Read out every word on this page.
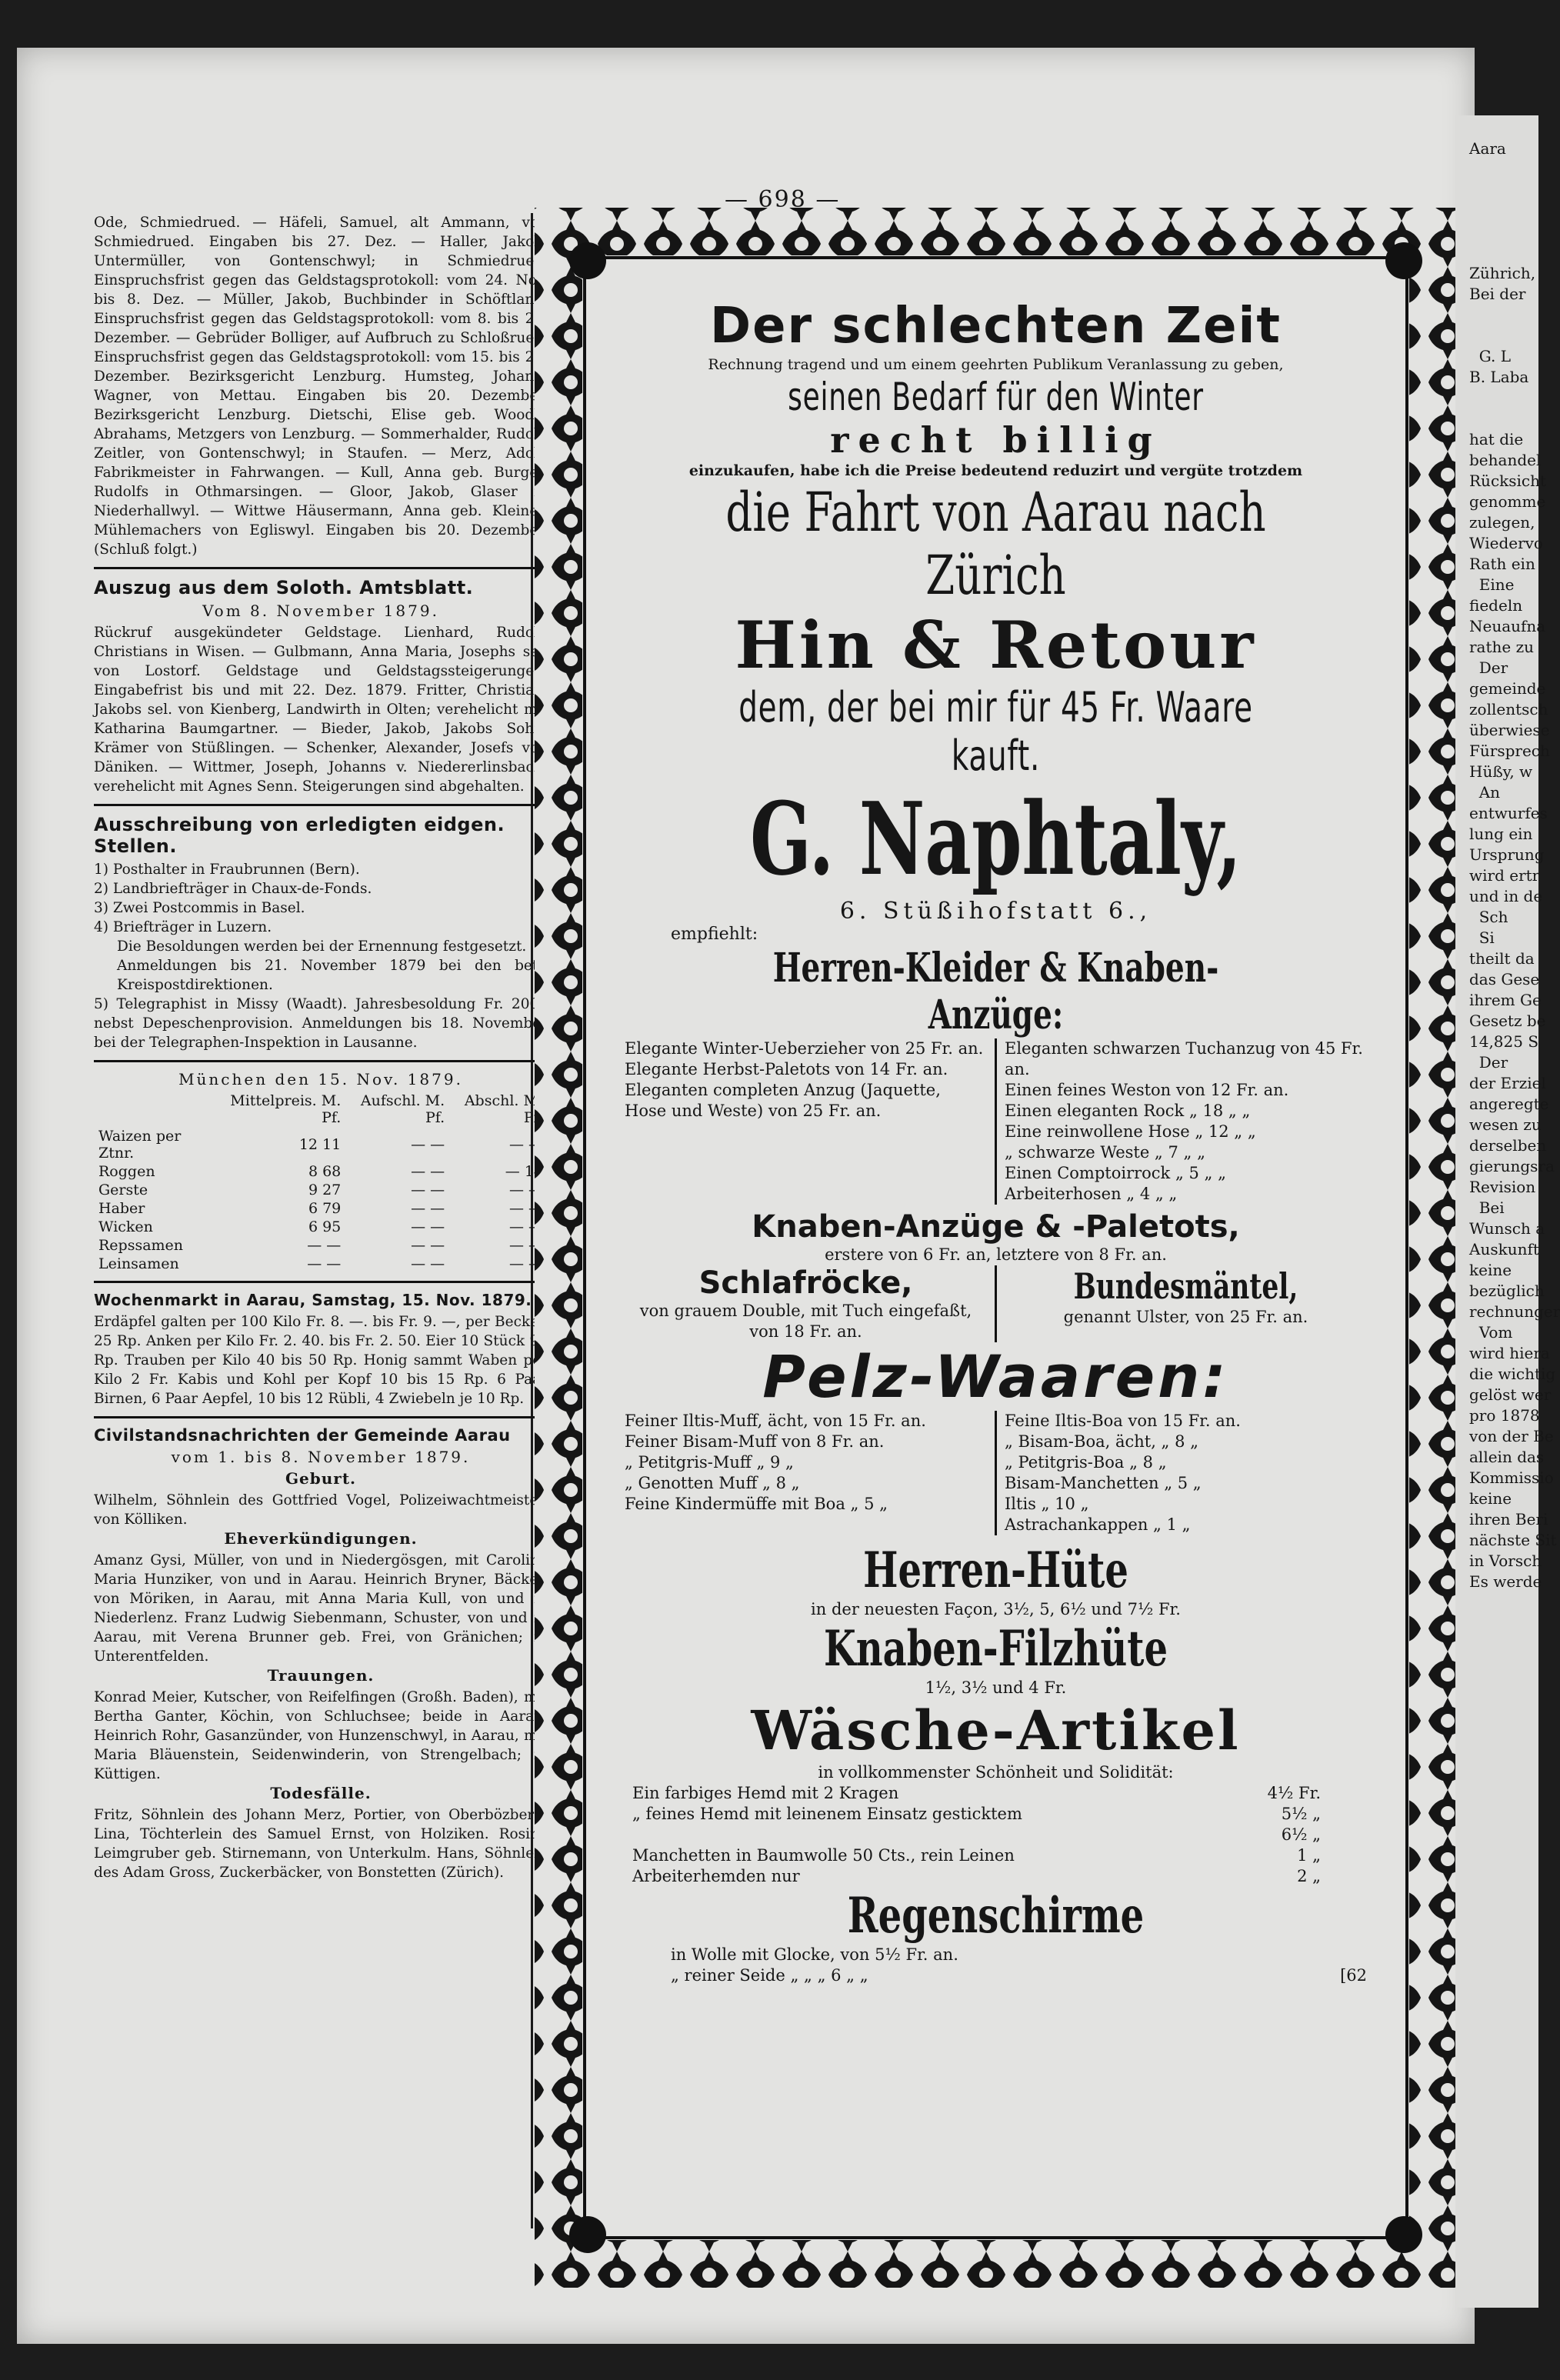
— 698 —
Ode, Schmiedrued. — Häfeli, Samuel, alt Ammann, von Schmiedrued. Eingaben bis 27. Dez. — Haller, Jakob, Untermüller, von Gontenschwyl; in Schmiedrued. Einspruchsfrist gegen das Geldstagsprotokoll: vom 24. Nov. bis 8. Dez. — Müller, Jakob, Buchbinder in Schöftland. Einspruchsfrist gegen das Geldstagsprotokoll: vom 8. bis 22. Dezember. — Gebrüder Bolliger, auf Aufbruch zu Schloßrued. Einspruchsfrist gegen das Geldstagsprotokoll: vom 15. bis 29. Dezember. Bezirksgericht Lenzburg. Humsteg, Johann, Wagner, von Mettau. Eingaben bis 20. Dezember. Bezirksgericht Lenzburg. Dietschi, Elise geb. Woodli, Abrahams, Metzgers von Lenzburg. — Sommerhalder, Rudolf, Zeitler, von Gontenschwyl; in Staufen. — Merz, Adolf, Fabrikmeister in Fahrwangen. — Kull, Anna geb. Burger, Rudolfs in Othmarsingen. — Gloor, Jakob, Glaser in Niederhallwyl. — Wittwe Häusermann, Anna geb. Kleiner, Mühlemachers von Egliswyl. Eingaben bis 20. Dezember. (Schluß folgt.)
Auszug aus dem Soloth. Amtsblatt.
Vom 8. November 1879.
Rückruf ausgekündeter Geldstage. Lienhard, Rudolf, Christians in Wisen. — Gulbmann, Anna Maria, Josephs sel. von Lostorf. Geldstage und Geldstagssteigerungen. Eingabefrist bis und mit 22. Dez. 1879. Fritter, Christian, Jakobs sel. von Kienberg, Landwirth in Olten; verehelicht mit Katharina Baumgartner. — Bieder, Jakob, Jakobs Sohn, Krämer von Stüßlingen. — Schenker, Alexander, Josefs von Däniken. — Wittmer, Joseph, Johanns v. Niedererlinsbach; verehelicht mit Agnes Senn. Steigerungen sind abgehalten.
Ausschreibung von erledigten eidgen. Stellen.
1) Posthalter in Fraubrunnen (Bern).
2) Landbriefträger in Chaux-de-Fonds.
3) Zwei Postcommis in Basel.
4) Briefträger in Luzern.
Die Besoldungen werden bei der Ernennung festgesetzt.
Anmeldungen bis 21. November 1879 bei den betr. Kreispostdirektionen.
5) Telegraphist in Missy (Waadt). Jahresbesoldung Fr. 200., nebst Depeschenprovision. Anmeldungen bis 18. November bei der Telegraphen-Inspektion in Lausanne.
München den 15. Nov. 1879.
	Mittelpreis. M. Pf.	Aufschl. M. Pf.	Abschl. M. Pf.
Waizen per Ztnr.	12 11	— —	— —
Roggen	8 68	— —	— 14
Gerste	9 27	— —	— —
Haber	6 79	— —	— —
Wicken	6 95	— —	— —
Repssamen	— —	— —	— —
Leinsamen	— —	— —	— —
Wochenmarkt in Aarau, Samstag, 15. Nov. 1879.
Erdäpfel galten per 100 Kilo Fr. 8. —. bis Fr. 9. —, per Becken 25 Rp. Anken per Kilo Fr. 2. 40. bis Fr. 2. 50. Eier 10 Stück 90 Rp. Trauben per Kilo 40 bis 50 Rp. Honig sammt Waben per Kilo 2 Fr. Kabis und Kohl per Kopf 10 bis 15 Rp. 6 Paar Birnen, 6 Paar Aepfel, 10 bis 12 Rübli, 4 Zwiebeln je 10 Rp.
Civilstandsnachrichten der Gemeinde Aarau
vom 1. bis 8. November 1879.
Geburt.
Wilhelm, Söhnlein des Gottfried Vogel, Polizeiwachtmeister, von Kölliken.
Eheverkündigungen.
Amanz Gysi, Müller, von und in Niedergösgen, mit Carolina Maria Hunziker, von und in Aarau. Heinrich Bryner, Bäcker, von Möriken, in Aarau, mit Anna Maria Kull, von und in Niederlenz. Franz Ludwig Siebenmann, Schuster, von und in Aarau, mit Verena Brunner geb. Frei, von Gränichen; in Unterentfelden.
Trauungen.
Konrad Meier, Kutscher, von Reifelfingen (Großh. Baden), mit Bertha Ganter, Köchin, von Schluchsee; beide in Aarau. Heinrich Rohr, Gasanzünder, von Hunzenschwyl, in Aarau, mit Maria Bläuenstein, Seidenwinderin, von Strengelbach; in Küttigen.
Todesfälle.
Fritz, Söhnlein des Johann Merz, Portier, von Oberbözberg. Lina, Töchterlein des Samuel Ernst, von Holziken. Rosina Leimgruber geb. Stirnemann, von Unterkulm. Hans, Söhnlein des Adam Gross, Zuckerbäcker, von Bonstetten (Zürich).
Der schlechten Zeit
Rechnung tragend und um einem geehrten Publikum Veranlassung zu geben,
seinen Bedarf für den Winter
recht billig
einzukaufen, habe ich die Preise bedeutend reduzirt und vergüte trotzdem
die Fahrt von Aarau nach Zürich
Hin & Retour
dem, der bei mir für 45 Fr. Waare kauft.
G. Naphtaly,
6. Stüßihofstatt 6.,
empfiehlt:
Herren-Kleider & Knaben-Anzüge:
Elegante Winter-Ueberzieher von 25 Fr. an.
Elegante Herbst-Paletots von 14 Fr. an.
Eleganten completen Anzug (Jaquette, Hose und Weste) von 25 Fr. an.
Eleganten schwarzen Tuchanzug von 45 Fr. an.
Einen feines Weston von 12 Fr. an.
Einen eleganten Rock „ 18 „ „
Eine reinwollene Hose „ 12 „ „
„ schwarze Weste „ 7 „ „
Einen Comptoirrock „ 5 „ „
Arbeiterhosen „ 4 „ „
Knaben-Anzüge & -Paletots,
erstere von 6 Fr. an, letztere von 8 Fr. an.
Schlafröcke,
von grauem Double, mit Tuch eingefaßt, von 18 Fr. an.
Bundesmäntel,
genannt Ulster, von 25 Fr. an.
Pelz-Waaren:
Feiner Iltis-Muff, ächt, von 15 Fr. an.
Feiner Bisam-Muff von 8 Fr. an.
„ Petitgris-Muff „ 9 „
„ Genotten Muff „ 8 „
Feine Kindermüffe mit Boa „ 5 „
Feine Iltis-Boa von 15 Fr. an.
„ Bisam-Boa, ächt, „ 8 „
„ Petitgris-Boa „ 8 „
Bisam-Manchetten „ 5 „
Iltis „ 10 „
Astrachankappen „ 1 „
Herren-Hüte
in der neuesten Façon, 3½, 5, 6½ und 7½ Fr.
Knaben-Filzhüte
1½, 3½ und 4 Fr.
Wäsche-Artikel
in vollkommenster Schönheit und Solidität:
Ein farbiges Hemd mit 2 Kragen	4½ Fr.
„ feines Hemd mit leinenem Einsatz gesticktem	5½ „
6½ „
Manchetten in Baumwolle 50 Cts., rein Leinen	1 „
Arbeiterhemden nur	2 „
Regenschirme
in Wolle mit Glocke, von 5½ Fr. an.
„ reiner Seide „ „ „ 6 „ „	[62
Aara

Zührich,
Bei der

G. L
B. Laba

hat die
behandel
Rücksicht
genomme
zulegen,
Wiedervo
Rath ein
Eine
fiedeln
Neuaufna
rathe zu
Der
gemeinde
zollentsch
überwiese
Fürsprech
Hüßy, w
An
entwurfes
lung ein
Ursprung
wird ertr
und in de
Sch
Si
theilt da
das Gese
ihrem Ge
Gesetz be
14,825 S
Der
der Erziel
angeregte
wesen zu
derselben
gierungsra
Revision
Bei
Wunsch a
Auskunft
keine
bezüglich
rechnunger
Vom
wird hiera
die wichtig
gelöst wer
pro 1878
von der Be
allein das
Kommissio
keine
ihren Beri
nächste Sit
in Vorsch
Es werde
